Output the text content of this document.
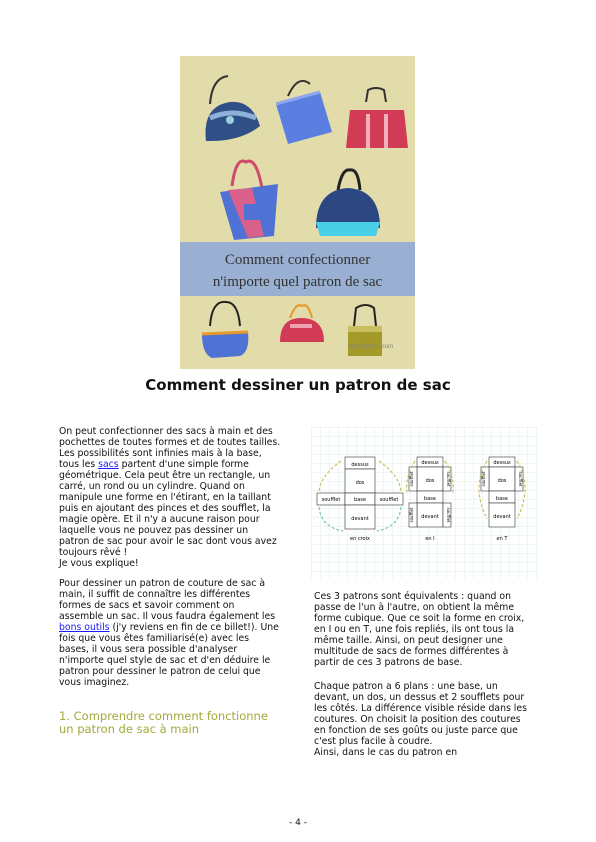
Comment confectionner
n'importe quel patron de sac
@petitcitron.com
Comment dessiner un patron de sac

On peut confectionner des sacs à main et des pochettes de toutes formes et de toutes tailles. Les possibilités sont infinies mais à la base, tous les sacs partent d'une simple forme géométrique. Cela peut être un rectangle, un carré, un rond ou un cylindre. Quand on manipule une forme en l'étirant, en la taillant puis en ajoutant des pinces et des soufflet, la magie opère. Et il n'y a aucune raison pour laquelle vous ne pouvez pas dessiner un patron de sac pour avoir le sac dont vous avez toujours rêvé !
Je vous explique!

Pour dessiner un patron de couture de sac à main, il suffit de connaître les différentes formes de sacs et savoir comment on assemble un sac. Il vous faudra également les bons outils (j'y reviens en fin de ce billet!). Une fois que vous êtes familiarisé(e) avec les bases, il vous sera possible d'analyser n'importe quel style de sac et d'en déduire le patron pour dessiner le patron de celui que vous imaginez.

1. Comprendre comment fonctionne un patron de sac à main
dessus
dos
soufflet	base	soufflet
devant
en croix
dessus
dos
base
devant
soufflet	soufflet
soufflet	soufflet
en I
dessus
dos
base
devant
soufflet	soufflet
en T

Ces 3 patrons sont équivalents : quand on passe de l'un à l'autre, on obtient la même forme cubique. Que ce soit la forme en croix, en I ou en T, une fois repliés, ils ont tous la même taille. Ainsi, on peut designer une multitude de sacs de formes différentes à partir de ces 3 patrons de base.

Chaque patron a 6 plans : une base, un devant, un dos, un dessus et 2 soufflets pour les côtés. La différence visible réside dans les coutures. On choisit la position des coutures en fonction de ses goûts ou juste parce que c'est plus facile à coudre.
Ainsi, dans le cas du patron en

- 4 -
